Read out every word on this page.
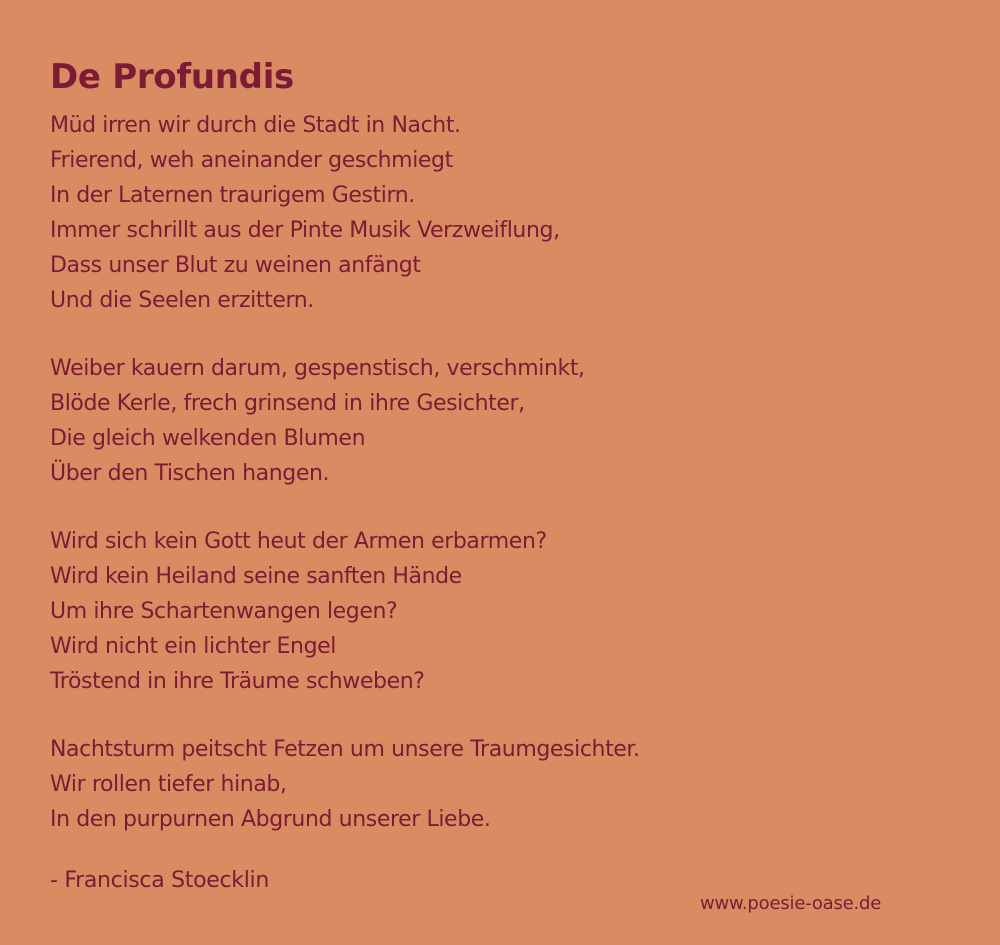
De Profundis
Müd irren wir durch die Stadt in Nacht.
Frierend, weh aneinander geschmiegt
In der Laternen traurigem Gestirn.
Immer schrillt aus der Pinte Musik Verzweiflung,
Dass unser Blut zu weinen anfängt
Und die Seelen erzittern.
Weiber kauern darum, gespenstisch, verschminkt,
Blöde Kerle, frech grinsend in ihre Gesichter,
Die gleich welkenden Blumen
Über den Tischen hangen.
Wird sich kein Gott heut der Armen erbarmen?
Wird kein Heiland seine sanften Hände
Um ihre Schartenwangen legen?
Wird nicht ein lichter Engel
Tröstend in ihre Träume schweben?
Nachtsturm peitscht Fetzen um unsere Traumgesichter.
Wir rollen tiefer hinab,
In den purpurnen Abgrund unserer Liebe.
- Francisca Stoecklin
www.poesie-oase.de
